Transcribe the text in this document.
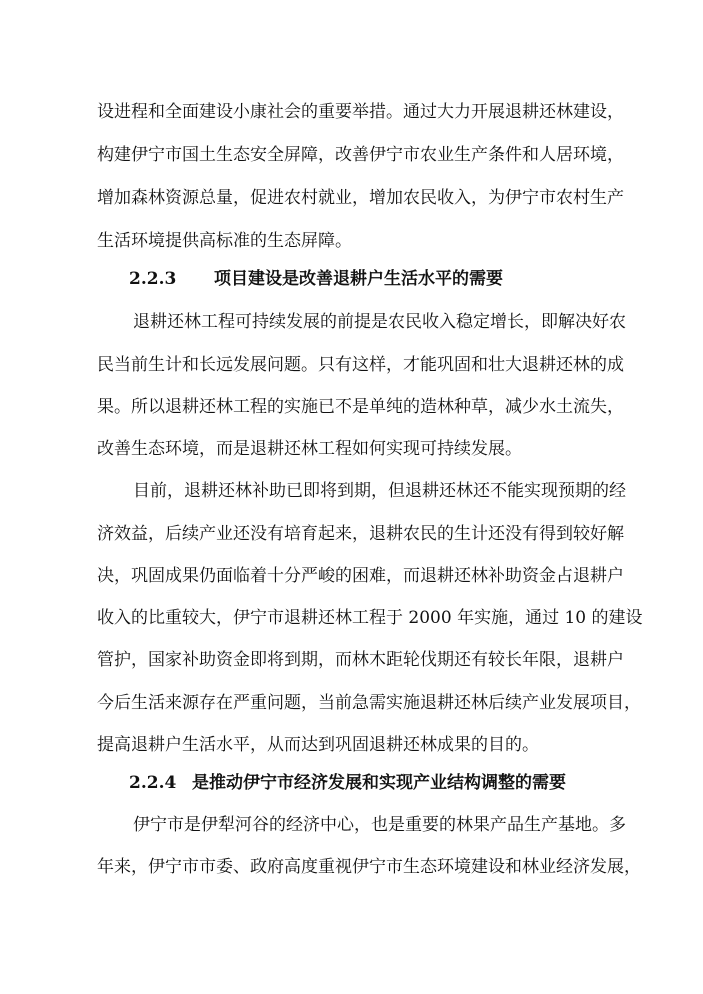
设进程和全面建设小康社会的重要举措。通过大力开展退耕还林建设，
构建伊宁市国土生态安全屏障，改善伊宁市农业生产条件和人居环境，
增加森林资源总量，促进农村就业，增加农民收入，为伊宁市农村生产
生活环境提供高标准的生态屏障。
2.2.3 项目建设是改善退耕户生活水平的需要
退耕还林工程可持续发展的前提是农民收入稳定增长，即解决好农
民当前生计和长远发展问题。只有这样，才能巩固和壮大退耕还林的成
果。所以退耕还林工程的实施已不是单纯的造林种草，减少水土流失，
改善生态环境，而是退耕还林工程如何实现可持续发展。
目前，退耕还林补助已即将到期，但退耕还林还不能实现预期的经
济效益，后续产业还没有培育起来，退耕农民的生计还没有得到较好解
决，巩固成果仍面临着十分严峻的困难，而退耕还林补助资金占退耕户
收入的比重较大，伊宁市退耕还林工程于 2000 年实施，通过 10 的建设
管护，国家补助资金即将到期，而林木距轮伐期还有较长年限，退耕户
今后生活来源存在严重问题，当前急需实施退耕还林后续产业发展项目，
提高退耕户生活水平，从而达到巩固退耕还林成果的目的。
2.2.4 是推动伊宁市经济发展和实现产业结构调整的需要
伊宁市是伊犁河谷的经济中心，也是重要的林果产品生产基地。多
年来，伊宁市市委、政府高度重视伊宁市生态环境建设和林业经济发展，
